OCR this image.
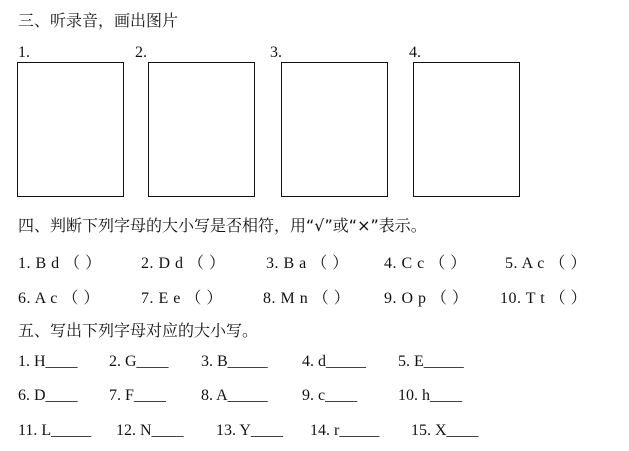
三、听录音，画出图片
1.	2.	3.	4.
四、判断下列字母的大小写是否相符，用“√”或“×”表示。
1. B d （ ） 2. D d （ ）	3. B a （ ） 4. C c （ ） 5. A c （ ）
6. A c （ ）	7. E e （ ）	8. M n （ ） 9. O p （ ） 10. T t （ ）
五、写出下列字母对应的大小写。
1. H____ 2. G____ 3. B_____ 4. d_____ 5. E_____
6. D____ 7. F____ 8. A_____ 9. c____	10. h____
11. L_____ 12. N____ 13. Y____ 14. r_____ 15. X____
